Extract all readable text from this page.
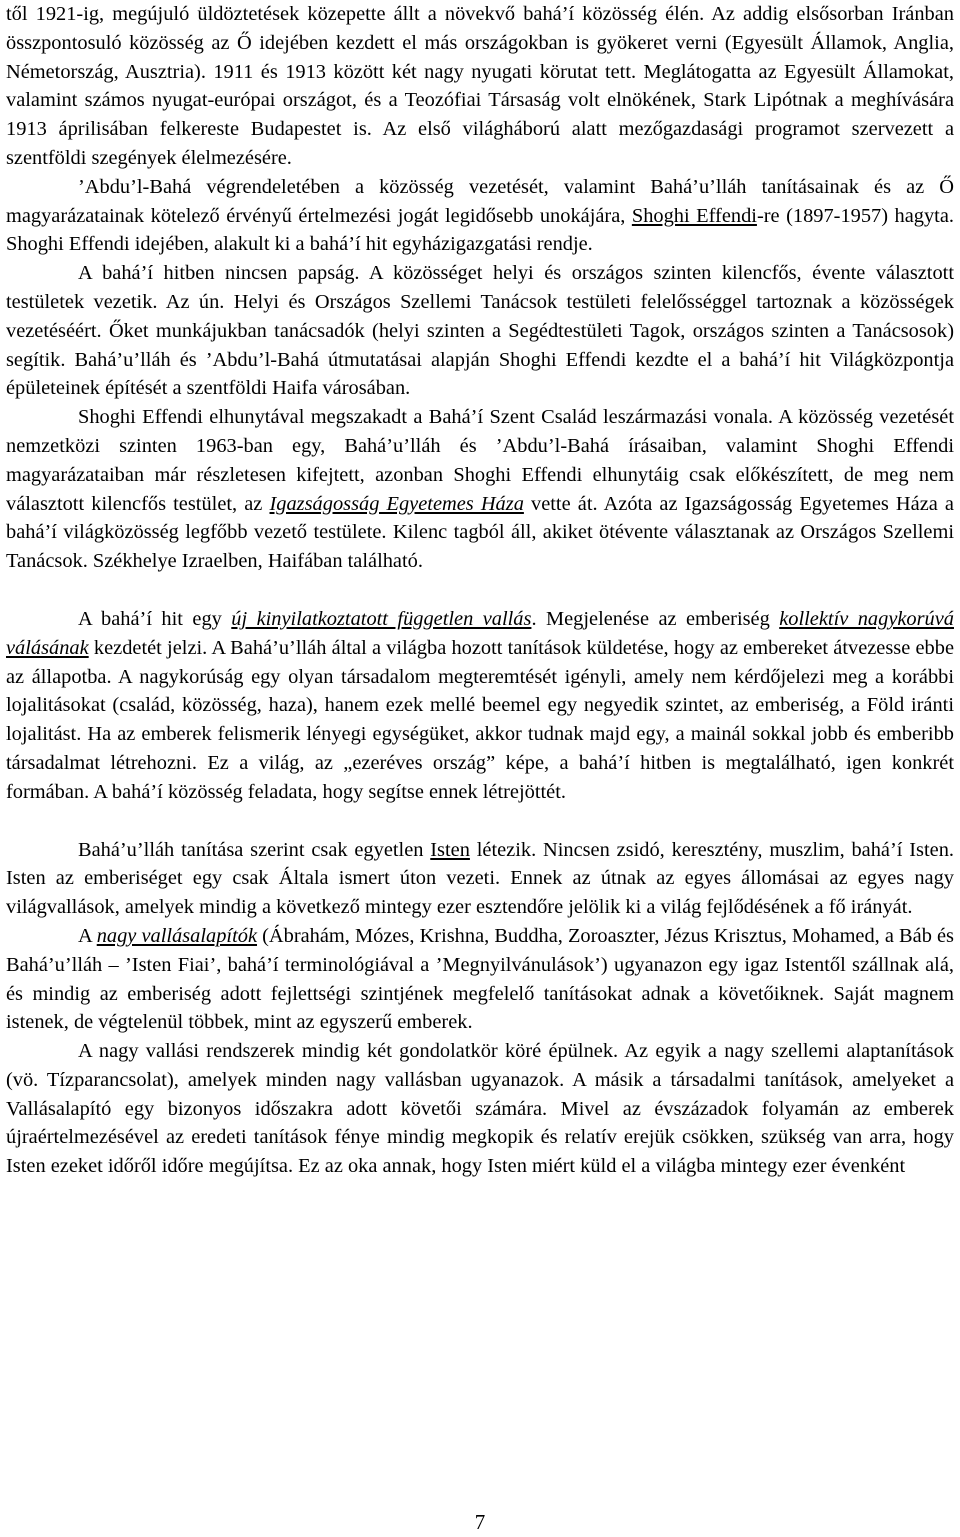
től 1921-ig, megújuló üldöztetések közepette állt a növekvő bahá’í közösség élén. Az addig elsősorban Iránban összpontosuló közösség az Ő idejében kezdett el más országokban is gyökeret verni (Egyesült Államok, Anglia, Németország, Ausztria). 1911 és 1913 között két nagy nyugati körutat tett. Meglátogatta az Egyesült Államokat, valamint számos nyugat-európai országot, és a Teozófiai Társaság volt elnökének, Stark Lipótnak a meghívására 1913 áprilisában felkereste Budapestet is. Az első világháború alatt mezőgazdasági programot szervezett a szentföldi szegények élelmezésére.

’Abdu’l-Bahá végrendeletében a közösség vezetését, valamint Bahá’u’lláh tanításainak és az Ő magyarázatainak kötelező érvényű értelmezési jogát legidősebb unokájára, Shoghi Effendi-re (1897-1957) hagyta. Shoghi Effendi idejében, alakult ki a bahá’í hit egyházigazgatási rendje.

A bahá’í hitben nincsen papság. A közösséget helyi és országos szinten kilencfős, évente választott testületek vezetik. Az ún. Helyi és Országos Szellemi Tanácsok testületi felelősséggel tartoznak a közösségek vezetéséért. Őket munkájukban tanácsadók (helyi szinten a Segédtestületi Tagok, országos szinten a Tanácsosok) segítik. Bahá’u’lláh és ’Abdu’l-Bahá útmutatásai alapján Shoghi Effendi kezdte el a bahá’í hit Világközpontja épületeinek építését a szentföldi Haifa városában.

Shoghi Effendi elhunytával megszakadt a Bahá’í Szent Család leszármazási vonala. A közösség vezetését nemzetközi szinten 1963-ban egy, Bahá’u’lláh és ’Abdu’l-Bahá írásaiban, valamint Shoghi Effendi magyarázataiban már részletesen kifejtett, azonban Shoghi Effendi elhunytáig csak előkészített, de meg nem választott kilencfős testület, az Igazságosság Egyetemes Háza vette át. Azóta az Igazságosság Egyetemes Háza a bahá’í világközösség legfőbb vezető testülete. Kilenc tagból áll, akiket ötévente választanak az Országos Szellemi Tanácsok. Székhelye Izraelben, Haifában található.

A bahá’í hit egy új kinyilatkoztatott független vallás. Megjelenése az emberiség kollektív nagykorúvá válásának kezdetét jelzi. A Bahá’u’lláh által a világba hozott tanítások küldetése, hogy az embereket átvezesse ebbe az állapotba. A nagykorúság egy olyan társadalom megteremtését igényli, amely nem kérdőjelezi meg a korábbi lojalitásokat (család, közösség, haza), hanem ezek mellé beemel egy negyedik szintet, az emberiség, a Föld iránti lojalitást. Ha az emberek felismerik lényegi egységüket, akkor tudnak majd egy, a mainál sokkal jobb és emberibb társadalmat létrehozni. Ez a világ, az „ezeréves ország” képe, a bahá’í hitben is megtalálható, igen konkrét formában. A bahá’í közösség feladata, hogy segítse ennek létrejöttét.

Bahá’u’lláh tanítása szerint csak egyetlen Isten létezik. Nincsen zsidó, keresztény, muszlim, bahá’í Isten. Isten az emberiséget egy csak Általa ismert úton vezeti. Ennek az útnak az egyes állomásai az egyes nagy világvallások, amelyek mindig a következő mintegy ezer esztendőre jelölik ki a világ fejlődésének a fő irányát.

A nagy vallásalapítók (Ábrahám, Mózes, Krishna, Buddha, Zoroaszter, Jézus Krisztus, Mohamed, a Báb és Bahá’u’lláh – ’Isten Fiai’, bahá’í terminológiával a ’Megnyilvánulások’) ugyanazon egy igaz Istentől szállnak alá, és mindig az emberiség adott fejlettségi szintjének megfelelő tanításokat adnak a követőiknek. Saját magnem istenek, de végtelenül többek, mint az egyszerű emberek.

A nagy vallási rendszerek mindig két gondolatkör köré épülnek. Az egyik a nagy szellemi alaptanítások (vö. Tízparancsolat), amelyek minden nagy vallásban ugyanazok. A másik a társadalmi tanítások, amelyeket a Vallásalapító egy bizonyos időszakra adott követői számára. Mivel az évszázadok folyamán az emberek újraértelmezésével az eredeti tanítások fénye mindig megkopik és relatív erejük csökken, szükség van arra, hogy Isten ezeket időről időre megújítsa. Ez az oka annak, hogy Isten miért küld el a világba mintegy ezer évenként

7
